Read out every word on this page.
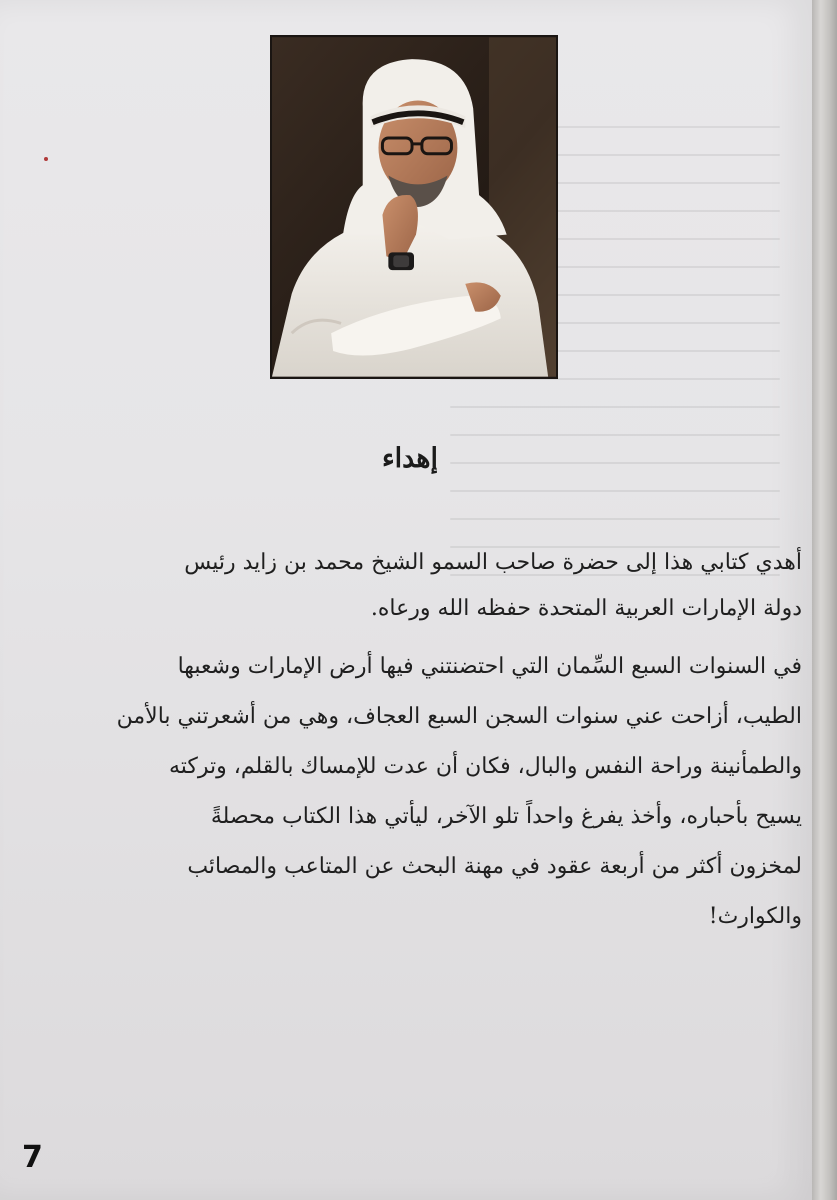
إهداء
أهدي كتابي هذا إلى حضرة صاحب السمو الشيخ محمد بن زايد رئيس
دولة الإمارات العربية المتحدة حفظه الله ورعاه.
في السنوات السبع السِّمان التي احتضنتني فيها أرض الإمارات وشعبها
الطيب، أزاحت عني سنوات السجن السبع العجاف، وهي من أشعرتني بالأمن
والطمأنينة وراحة النفس والبال، فكان أن عدت للإمساك بالقلم، وتركته
يسيح بأحباره، وأخذ يفرغ واحداً تلو الآخر، ليأتي هذا الكتاب محصلةً
لمخزون أكثر من أربعة عقود في مهنة البحث عن المتاعب والمصائب
والكوارث!
7
